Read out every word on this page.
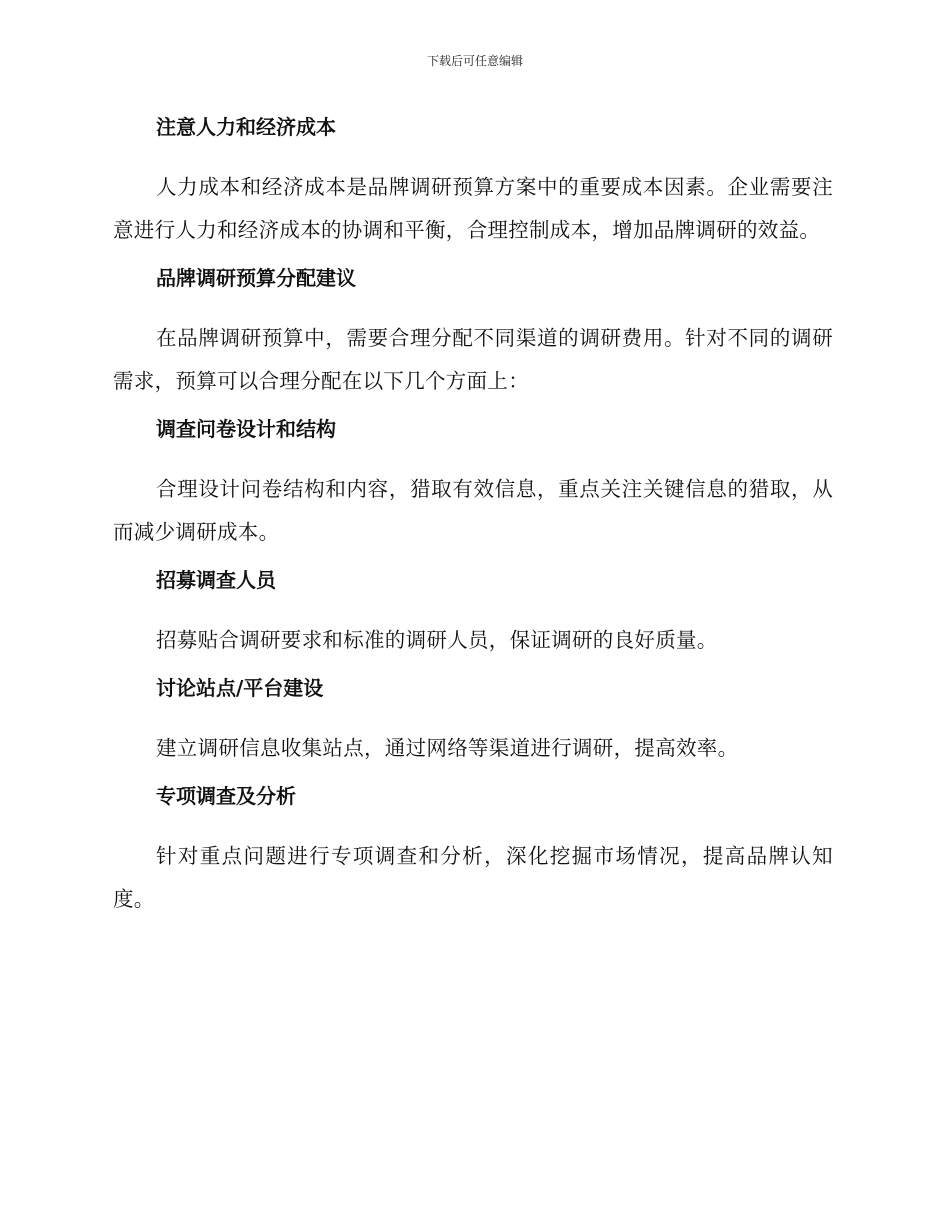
下载后可任意编辑
注意人力和经济成本

人力成本和经济成本是品牌调研预算方案中的重要成本因素。企业需要注意进行人力和经济成本的协调和平衡，合理控制成本，增加品牌调研的效益。

品牌调研预算分配建议

在品牌调研预算中，需要合理分配不同渠道的调研费用。针对不同的调研需求，预算可以合理分配在以下几个方面上：

调查问卷设计和结构

合理设计问卷结构和内容，猎取有效信息，重点关注关键信息的猎取，从而减少调研成本。

招募调查人员

招募贴合调研要求和标准的调研人员，保证调研的良好质量。

讨论站点/平台建设

建立调研信息收集站点，通过网络等渠道进行调研，提高效率。

专项调查及分析

针对重点问题进行专项调查和分析，深化挖掘市场情况，提高品牌认知度。
